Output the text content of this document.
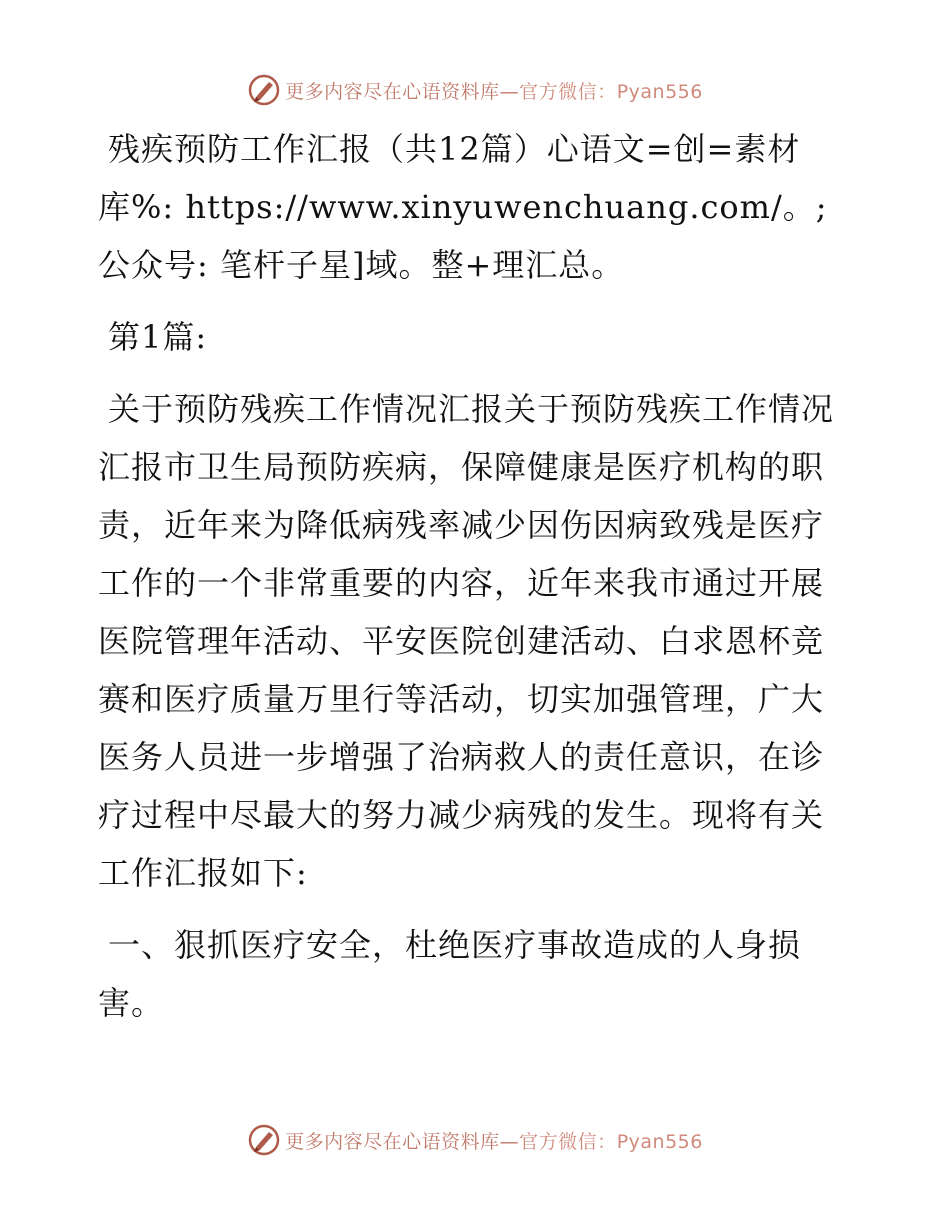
更多内容尽在心语资料库—官方微信：Pyan556

残疾预防工作汇报（共12篇）心语文=创=素材库%: https://www.xinyuwenchuang.com/。;公众号: 笔杆子星]域。整+理汇总。

第1篇:

关于预防残疾工作情况汇报关于预防残疾工作情况汇报市卫生局预防疾病，保障健康是医疗机构的职责，近年来为降低病残率减少因伤因病致残是医疗工作的一个非常重要的内容，近年来我市通过开展医院管理年活动、平安医院创建活动、白求恩杯竞赛和医疗质量万里行等活动，切实加强管理，广大医务人员进一步增强了治病救人的责任意识，在诊疗过程中尽最大的努力减少病残的发生。现将有关工作汇报如下:

一、狠抓医疗安全，杜绝医疗事故造成的人身损害。

更多内容尽在心语资料库—官方微信：Pyan556
